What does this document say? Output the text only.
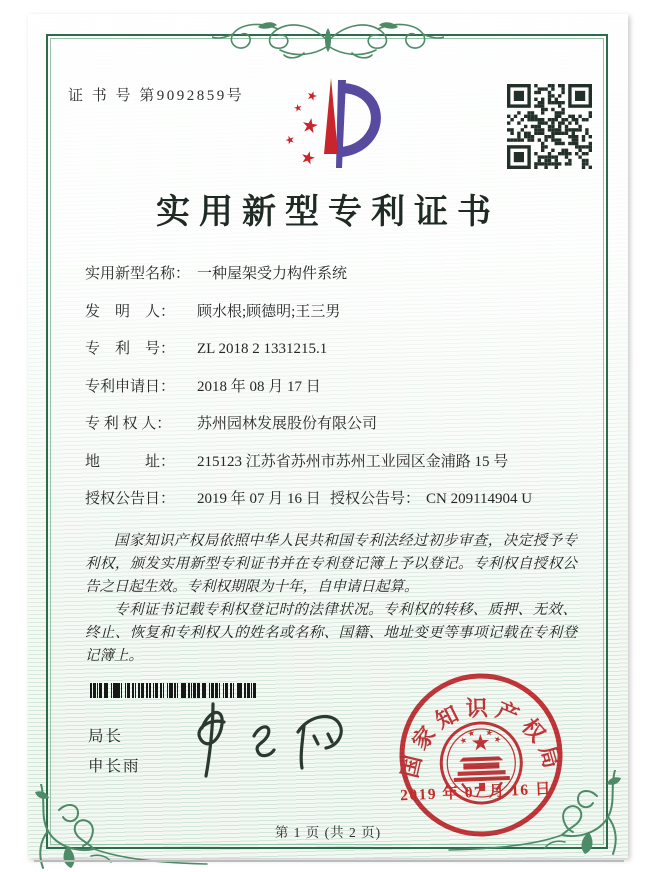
证 书 号 第9092859号
实用新型专利证书
实用新型名称： 一种屋架受力构件系统
发　明　人： 顾水根;顾德明;王三男
专　利　号： ZL 2018 2 1331215.1
专利申请日： 2018 年 08 月 17 日
专 利 权 人： 苏州园林发展股份有限公司
地　　　址： 215123 江苏省苏州市苏州工业园区金浦路 15 号
授权公告日： 2019 年 07 月 16 日 授权公告号： CN 209114904 U

国家知识产权局依照中华人民共和国专利法经过初步审查，决定授予专利权，颁发实用新型专利证书并在专利登记簿上予以登记。专利权自授权公告之日起生效。专利权期限为十年，自申请日起算。

专利证书记载专利权登记时的法律状况。专利权的转移、质押、无效、终止、恢复和专利权人的姓名或名称、国籍、地址变更等事项记载在专利登记簿上。

局长
申长雨	国家知识产权局
2019 年 07 月 16 日
第 1 页 (共 2 页)
